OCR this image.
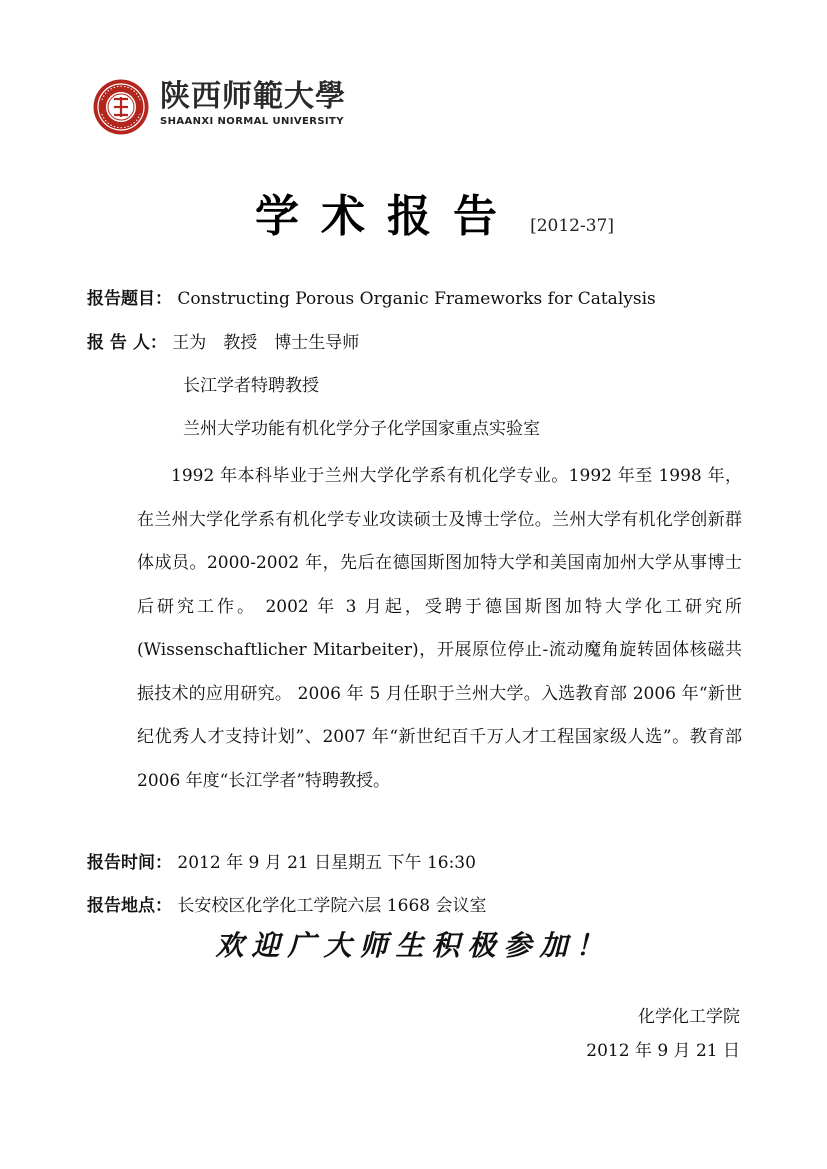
陕西师範大學
SHAANXI NORMAL UNIVERSITY
学术报告 [2012-37]
报告题目： Constructing Porous Organic Frameworks for Catalysis
报 告 人： 王为　教授　博士生导师
长江学者特聘教授
兰州大学功能有机化学分子化学国家重点实验室

1992 年本科毕业于兰州大学化学系有机化学专业。1992 年至 1998 年，在兰州大学化学系有机化学专业攻读硕士及博士学位。兰州大学有机化学创新群体成员。2000-2002 年，先后在德国斯图加特大学和美国南加州大学从事博士后研究工作。 2002 年 3 月起，受聘于德国斯图加特大学化工研究所(Wissenschaftlicher Mitarbeiter)，开展原位停止-流动魔角旋转固体核磁共振技术的应用研究。 2006 年 5 月任职于兰州大学。入选教育部 2006 年“新世纪优秀人才支持计划”、2007 年“新世纪百千万人才工程国家级人选”。教育部 2006 年度“长江学者”特聘教授。

报告时间： 2012 年 9 月 21 日星期五 下午 16:30
报告地点： 长安校区化学化工学院六层 1668 会议室
欢迎广大师生积极参加！
化学化工学院
2012 年 9 月 21 日
